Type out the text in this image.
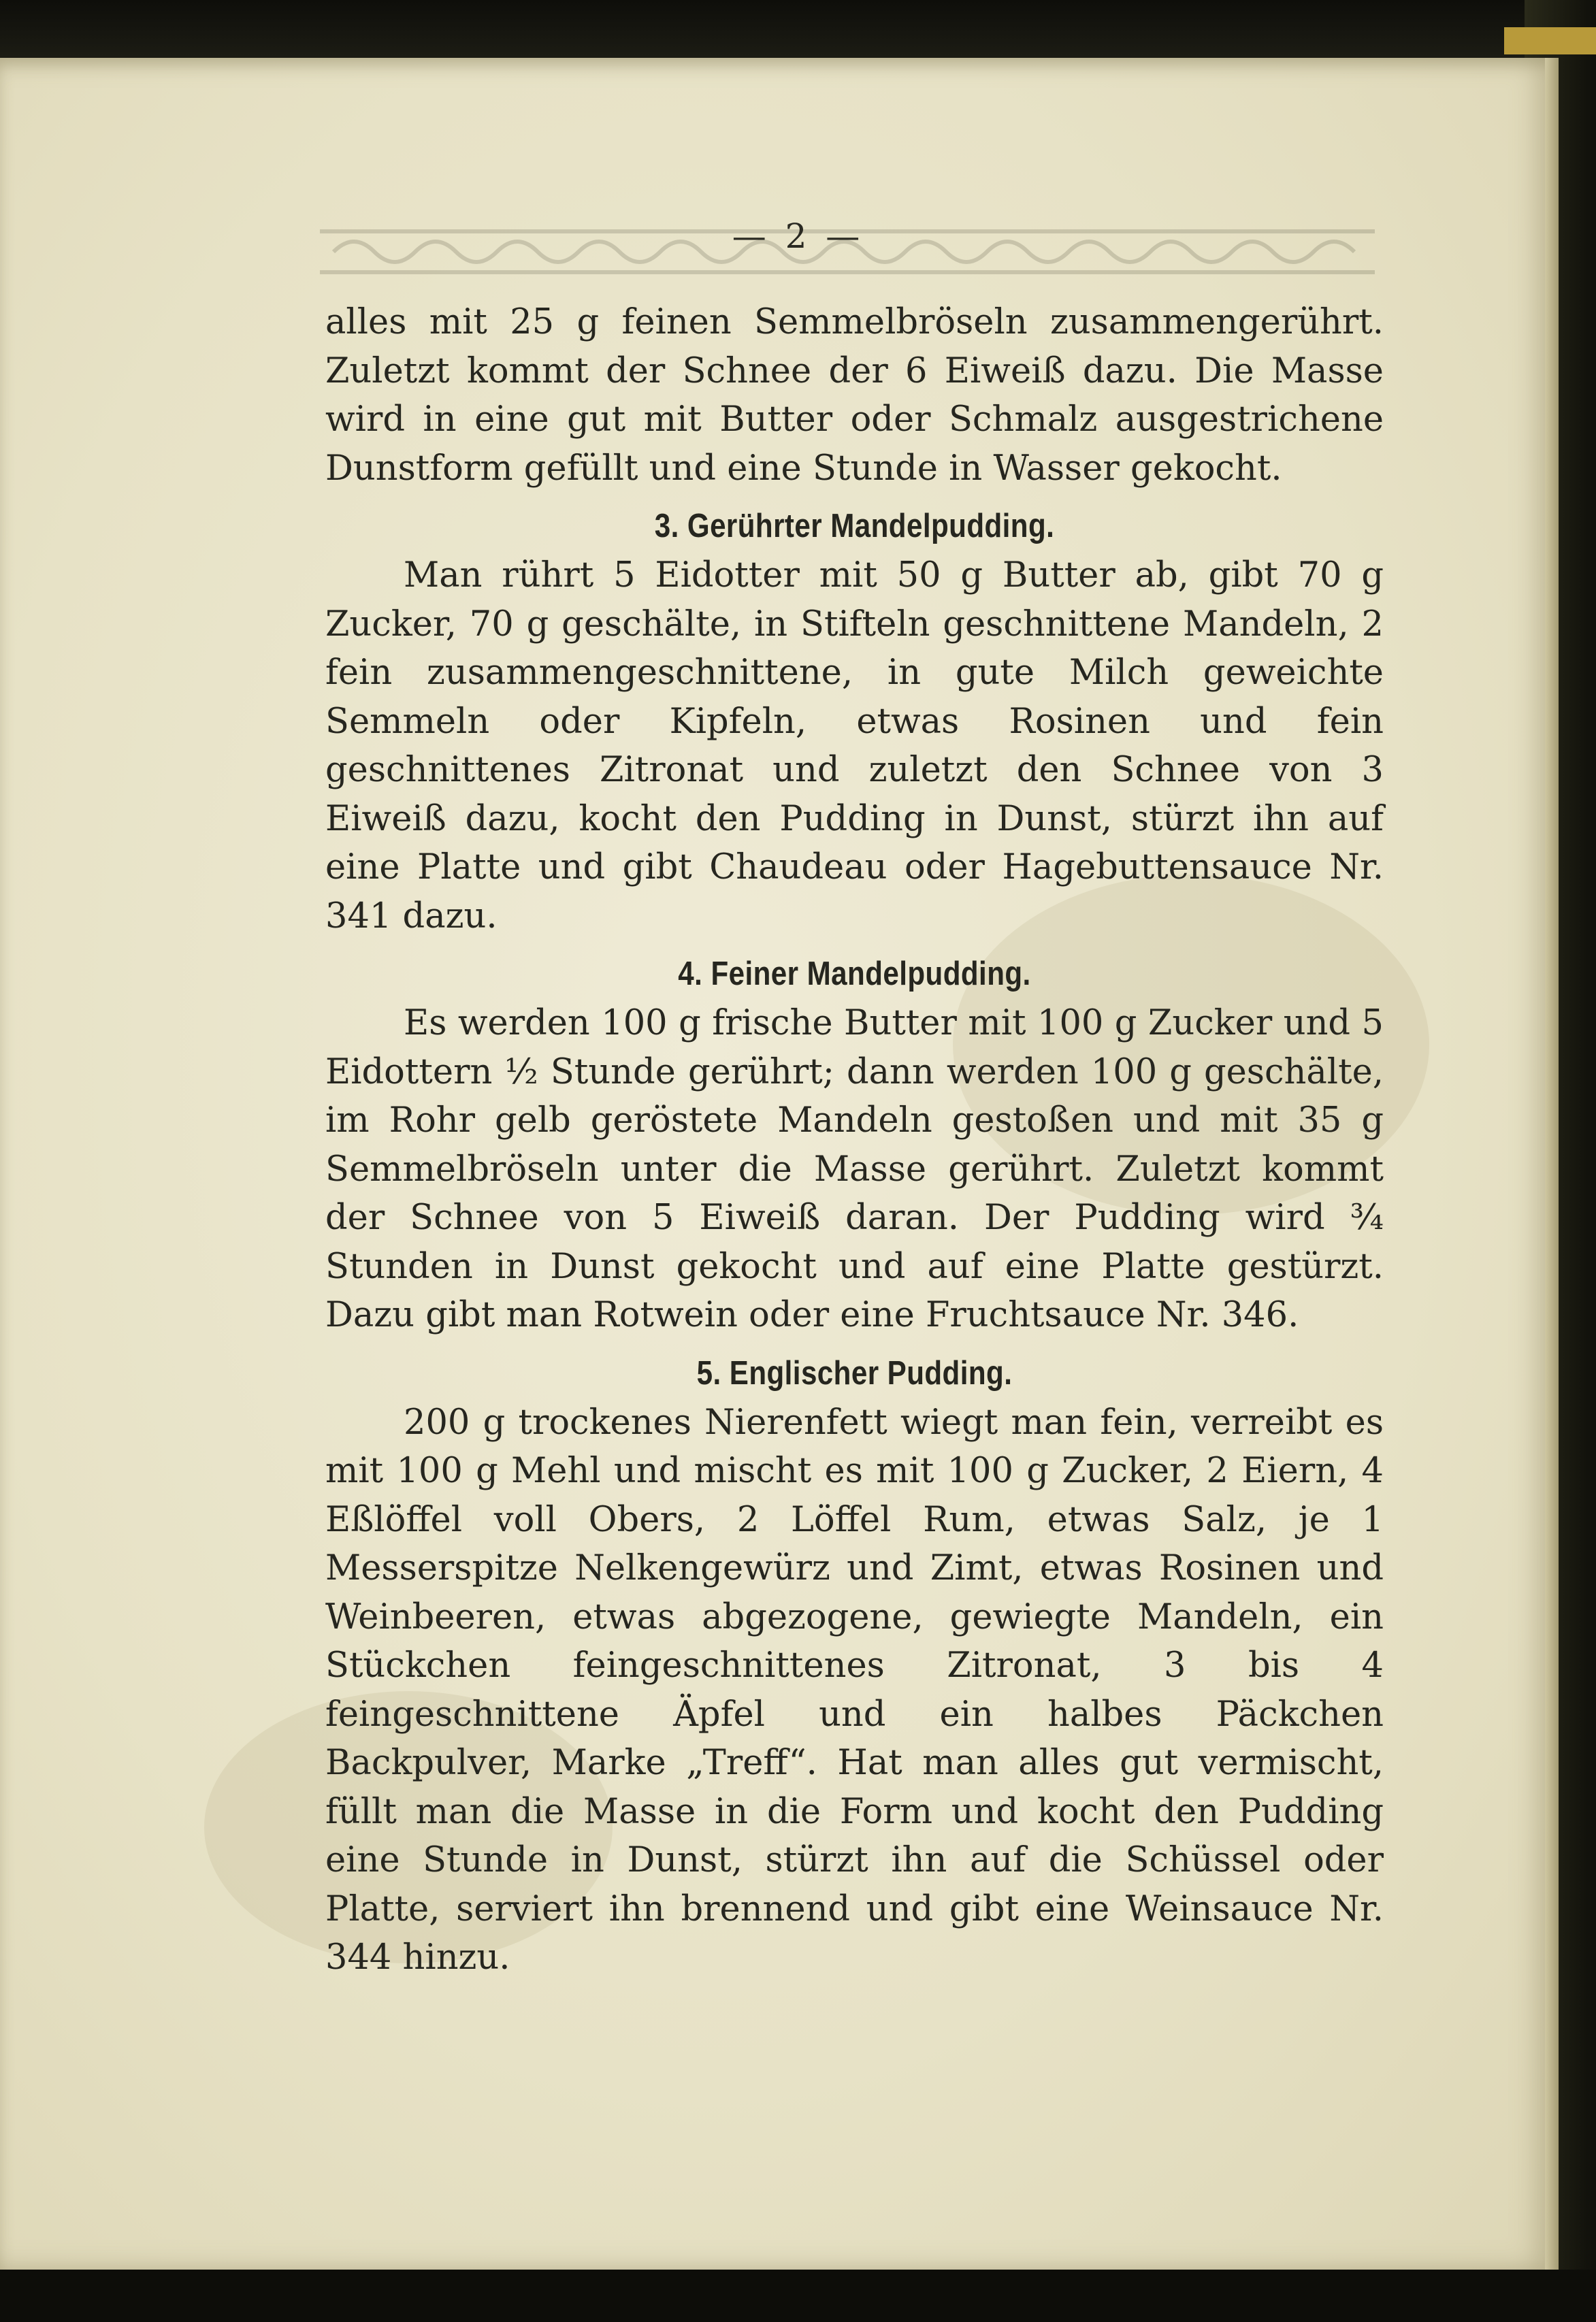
— 2 —

alles mit 25 g feinen Semmelbröseln zusammengerührt. Zuletzt kommt der Schnee der 6 Eiweiß dazu. Die Masse wird in eine gut mit Butter oder Schmalz ausgestrichene Dunstform gefüllt und eine Stunde in Wasser gekocht.

3. Gerührter Mandelpudding.

Man rührt 5 Eidotter mit 50 g Butter ab, gibt 70 g Zucker, 70 g geschälte, in Stifteln geschnittene Mandeln, 2 fein zusammengeschnittene, in gute Milch geweichte Semmeln oder Kipfeln, etwas Rosinen und fein geschnittenes Zitronat und zuletzt den Schnee von 3 Eiweiß dazu, kocht den Pudding in Dunst, stürzt ihn auf eine Platte und gibt Chaudeau oder Hagebuttensauce Nr. 341 dazu.

4. Feiner Mandelpudding.

Es werden 100 g frische Butter mit 100 g Zucker und 5 Eidottern ½ Stunde gerührt; dann werden 100 g geschälte, im Rohr gelb geröstete Mandeln gestoßen und mit 35 g Semmelbröseln unter die Masse gerührt. Zuletzt kommt der Schnee von 5 Eiweiß daran. Der Pudding wird ¾ Stunden in Dunst gekocht und auf eine Platte gestürzt. Dazu gibt man Rotwein oder eine Fruchtsauce Nr. 346.

5. Englischer Pudding.

200 g trockenes Nierenfett wiegt man fein, verreibt es mit 100 g Mehl und mischt es mit 100 g Zucker, 2 Eiern, 4 Eßlöffel voll Obers, 2 Löffel Rum, etwas Salz, je 1 Messerspitze Nelkengewürz und Zimt, etwas Rosinen und Weinbeeren, etwas abgezogene, gewiegte Mandeln, ein Stückchen feingeschnittenes Zitronat, 3 bis 4 feingeschnittene Äpfel und ein halbes Päckchen Backpulver, Marke „Treff“. Hat man alles gut vermischt, füllt man die Masse in die Form und kocht den Pudding eine Stunde in Dunst, stürzt ihn auf die Schüssel oder Platte, serviert ihn brennend und gibt eine Weinsauce Nr. 344 hinzu.
